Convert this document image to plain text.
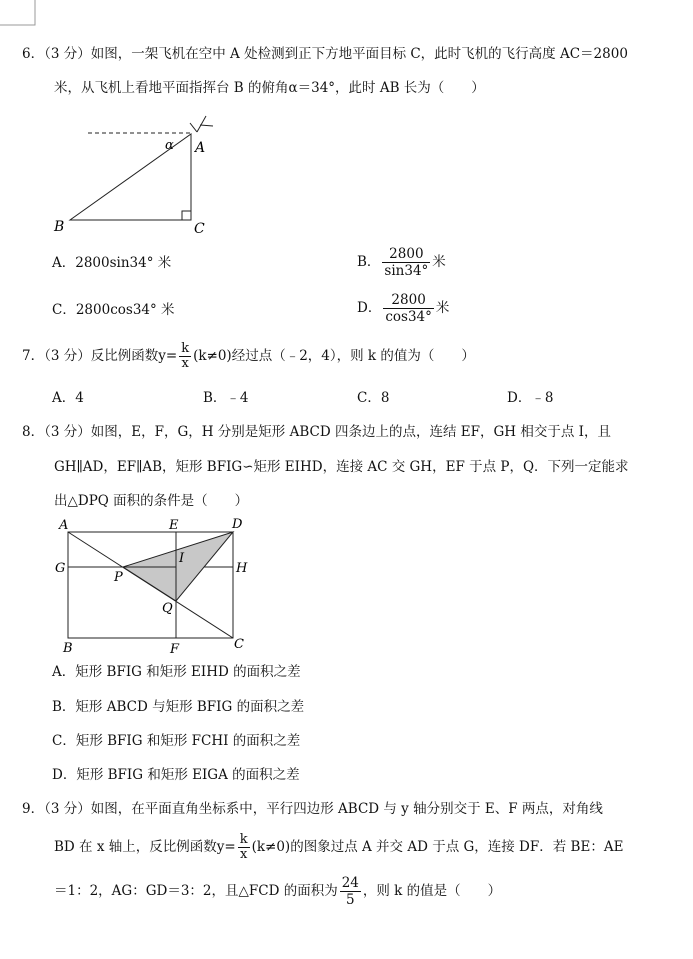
6．（3 分）如图，一架飞机在空中 A 处检测到正下方地平面目标 C，此时飞机的飞行高度 AC＝2800
米，从飞机上看地平面指挥台 B 的俯角α＝34°，此时 AB 长为（　　）
α A
B	C
A．2800sin34° 米	B． $\frac{2800}{\sin 34^\circ}$ 米
C．2800cos34° 米	D． $\frac{2800}{\cos 34^\circ}$ 米
7．（3 分）反比例函数$y= \frac{k}{x} (k\ne 0)$经过点（﹣2，4），则 k 的值为（　　）
A．4	B．﹣4	C．8	D．﹣8
8．（3 分）如图，E，F，G，H 分别是矩形 ABCD 四条边上的点，连结 EF，GH 相交于点 I，且
GH∥AD，EF∥AB，矩形 BFIG∽矩形 EIHD，连接 AC 交 GH，EF 于点 P，Q．下列一定能求
出△DPQ 面积的条件是（　　）
A	E	D
G
I
H
P
Q
B	F	C
A．矩形 BFIG 和矩形 EIHD 的面积之差
B．矩形 ABCD 与矩形 BFIG 的面积之差
C．矩形 BFIG 和矩形 FCHI 的面积之差
D．矩形 BFIG 和矩形 EIGA 的面积之差
9．（3 分）如图，在平面直角坐标系中，平行四边形 ABCD 与 y 轴分别交于 E、F 两点，对角线
BD 在 x 轴上，反比例函数$y= \frac{k}{x} (k\ne 0)$的图象过点 A 并交 AD 于点 G，连接 DF．若 BE：AE
＝1：2，AG：GD＝3：2，且△FCD 的面积为 $\frac{24}{5}$ ，则 k 的值是（　　）
